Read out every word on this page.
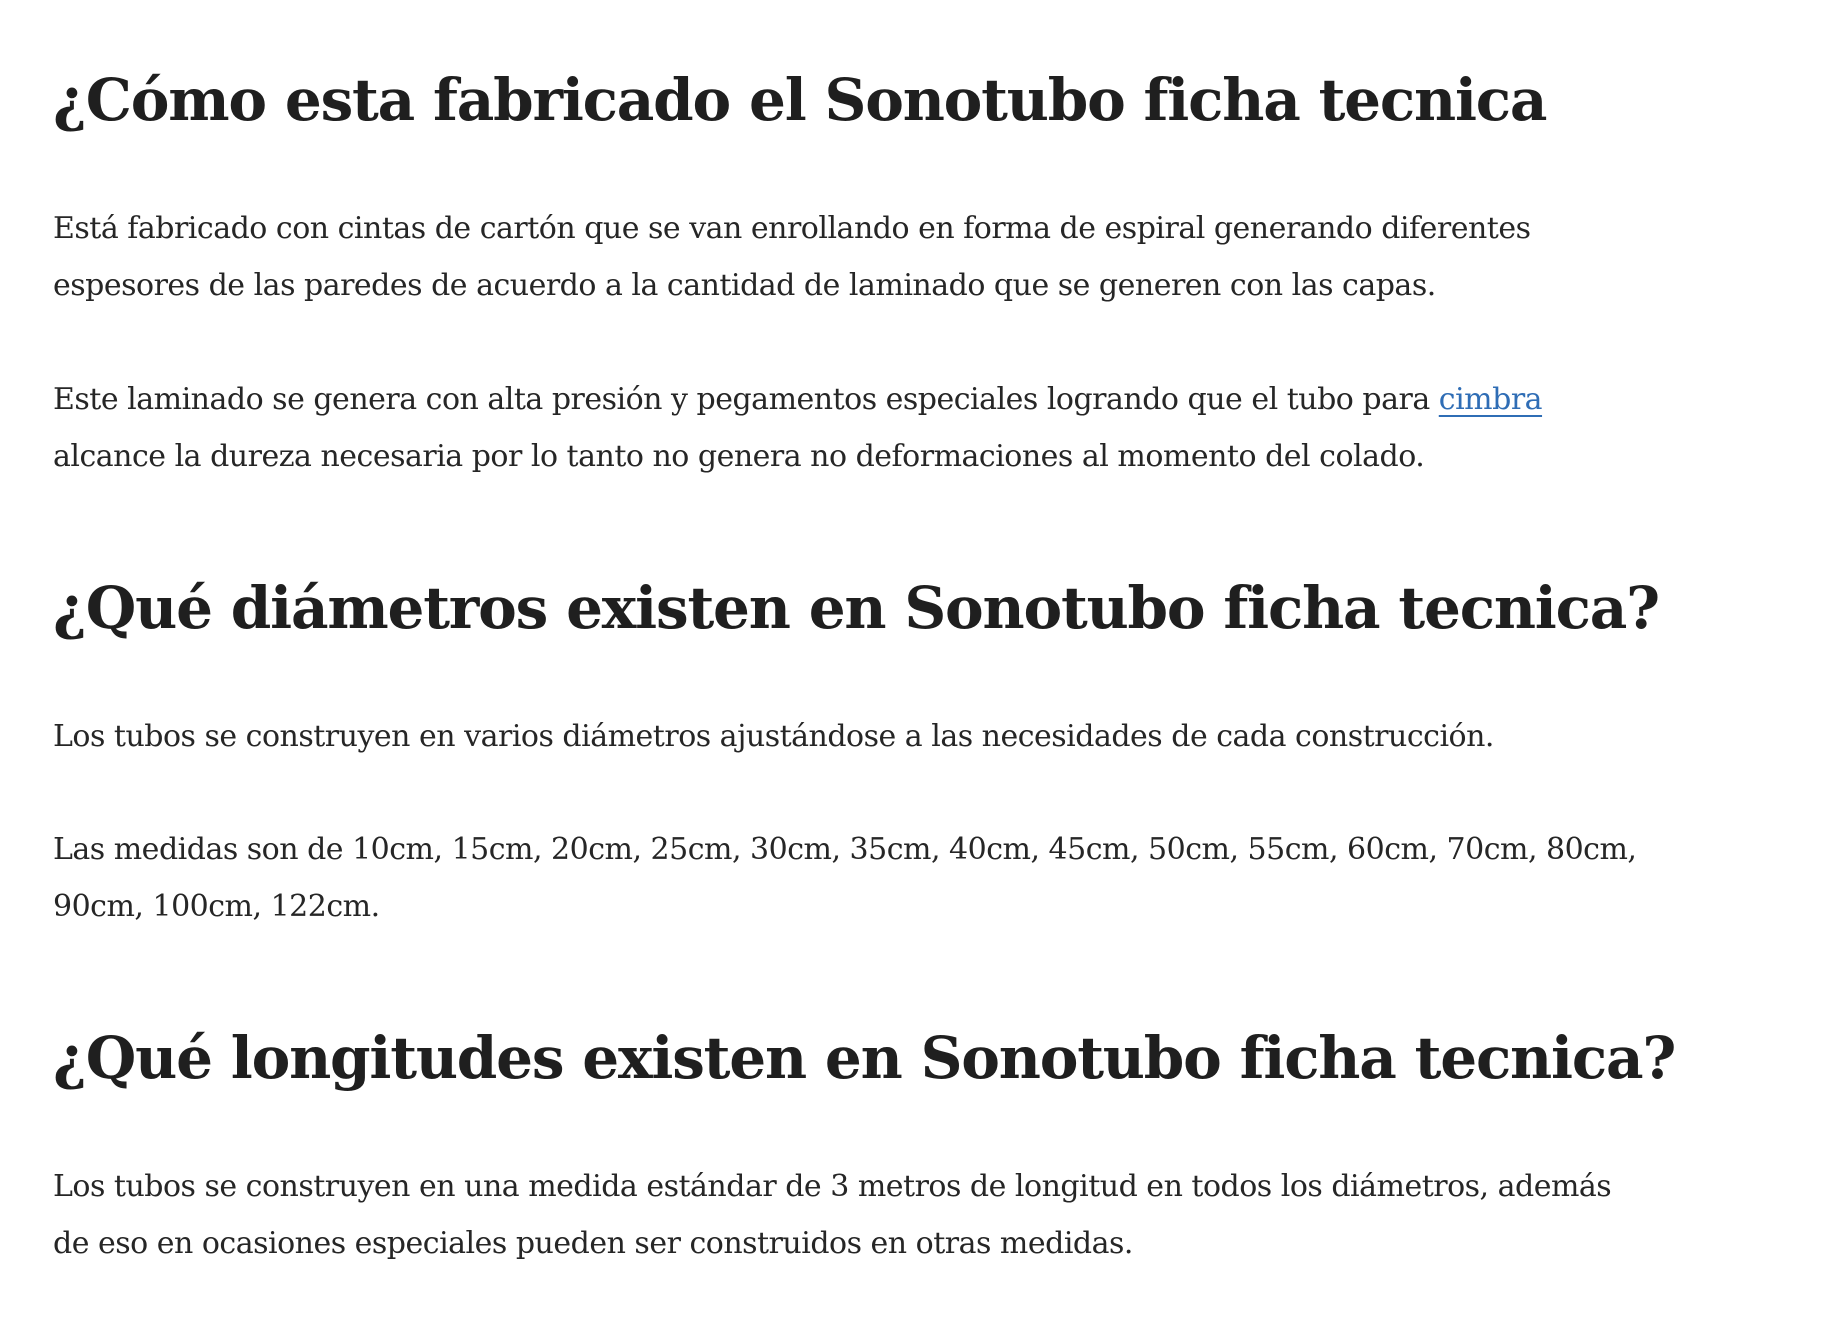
¿Cómo esta fabricado el Sonotubo ficha tecnica

Está fabricado con cintas de cartón que se van enrollando en forma de espiral generando diferentes
espesores de las paredes de acuerdo a la cantidad de laminado que se generen con las capas.

Este laminado se genera con alta presión y pegamentos especiales logrando que el tubo para cimbra
alcance la dureza necesaria por lo tanto no genera no deformaciones al momento del colado.

¿Qué diámetros existen en Sonotubo ficha tecnica?

Los tubos se construyen en varios diámetros ajustándose a las necesidades de cada construcción.

Las medidas son de 10cm, 15cm, 20cm, 25cm, 30cm, 35cm, 40cm, 45cm, 50cm, 55cm, 60cm, 70cm, 80cm,
90cm, 100cm, 122cm.

¿Qué longitudes existen en Sonotubo ficha tecnica?

Los tubos se construyen en una medida estándar de 3 metros de longitud en todos los diámetros, además
de eso en ocasiones especiales pueden ser construidos en otras medidas.
